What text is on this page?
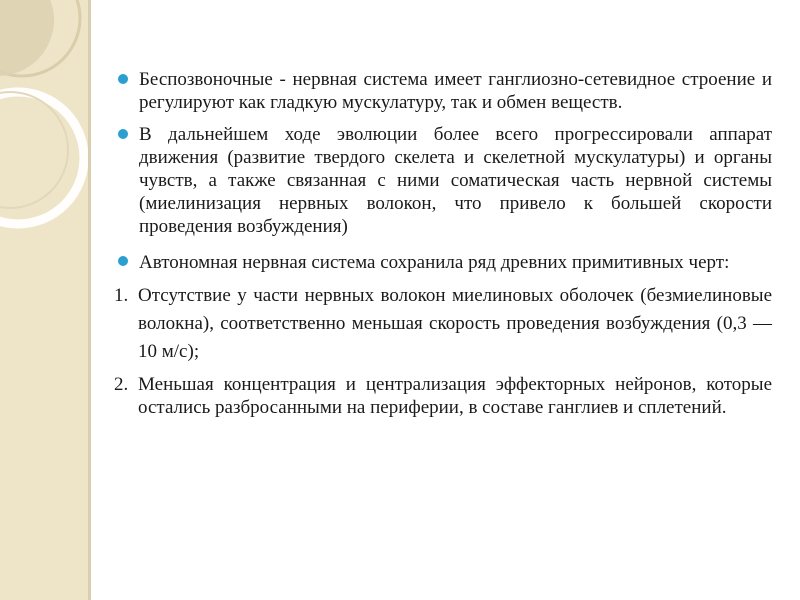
Беспозвоночные - нервная система имеет ганглиозно-сетевидное строение и регулируют как гладкую мускулатуру, так и обмен веществ.
В дальнейшем ходе эволюции более всего прогрессировали аппарат движения (развитие твердого скелета и скелетной мускулатуры) и органы чувств, а также связанная с ними соматическая часть нервной системы (миелинизация нервных волокон, что привело к большей скорости проведения возбуждения)
Автономная нервная система сохранила ряд древних примитивных черт:
1. Отсутствие у части нервных волокон миелиновых оболочек (безмиелиновые волокна), соответственно меньшая скорость проведения возбуждения (0,3 — 10 м/с);
2. Меньшая концентрация и централизация эффекторных нейронов, которые остались разбросанными на периферии, в составе ганглиев и сплетений.
